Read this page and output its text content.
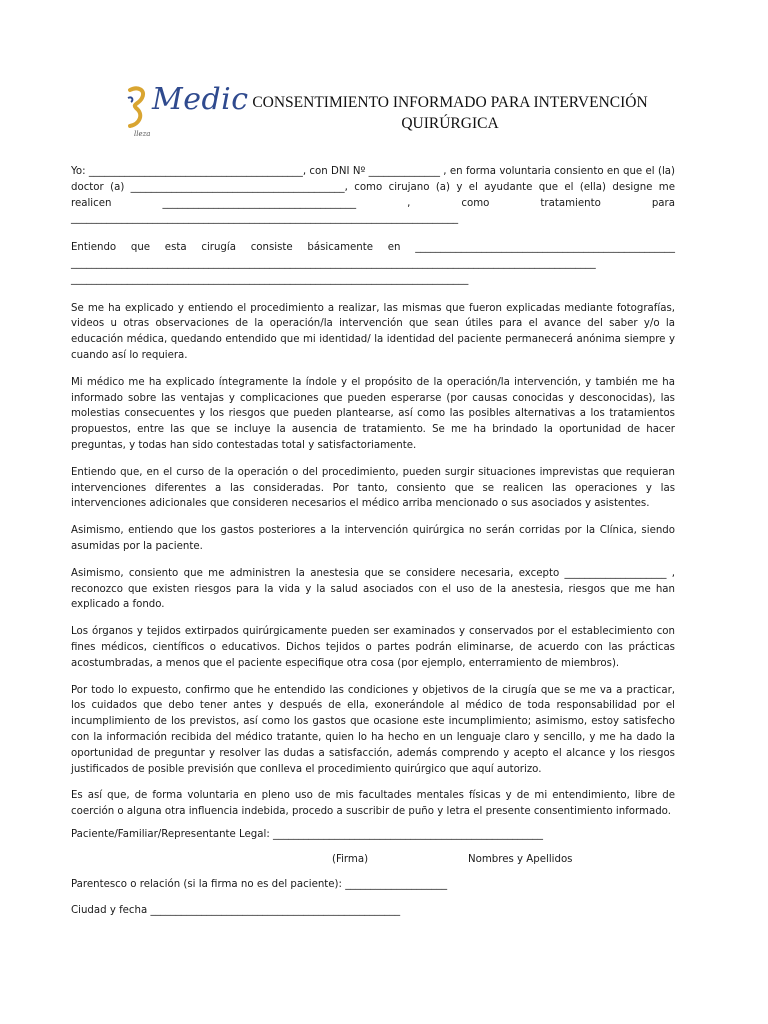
Medic
lleza
CONSENTIMIENTO INFORMADO PARA INTERVENCIÓN QUIRÚRGICA

Yo: __________________________________________, con DNI Nº ______________ , en forma voluntaria consiento en que el (la) doctor (a) __________________________________________, como cirujano (a) y el ayudante que el (ella) designe me realicen ______________________________________ , como tratamiento para ____________________________________________________________________________

Entiendo que esta cirugía consiste básicamente en ___________________________________________________ _______________________________________________________________________________________________________ ______________________________________________________________________________

Se me ha explicado y entiendo el procedimiento a realizar, las mismas que fueron explicadas mediante fotografías, videos u otras observaciones de la operación/la intervención que sean útiles para el avance del saber y/o la educación médica, quedando entendido que mi identidad/ la identidad del paciente permanecerá anónima siempre y cuando así lo requiera.

Mi médico me ha explicado íntegramente la índole y el propósito de la operación/la intervención, y también me ha informado sobre las ventajas y complicaciones que pueden esperarse (por causas conocidas y desconocidas), las molestias consecuentes y los riesgos que pueden plantearse, así como las posibles alternativas a los tratamientos propuestos, entre las que se incluye la ausencia de tratamiento. Se me ha brindado la oportunidad de hacer preguntas, y todas han sido contestadas total y satisfactoriamente.

Entiendo que, en el curso de la operación o del procedimiento, pueden surgir situaciones imprevistas que requieran intervenciones diferentes a las consideradas. Por tanto, consiento que se realicen las operaciones y las intervenciones adicionales que consideren necesarios el médico arriba mencionado o sus asociados y asistentes.

Asimismo, entiendo que los gastos posteriores a la intervención quirúrgica no serán corridas por la Clínica, siendo asumidas por la paciente.

Asimismo, consiento que me administren la anestesia que se considere necesaria, excepto ____________________ , reconozco que existen riesgos para la vida y la salud asociados con el uso de la anestesia, riesgos que me han explicado a fondo.

Los órganos y tejidos extirpados quirúrgicamente pueden ser examinados y conservados por el establecimiento con fines médicos, científicos o educativos. Dichos tejidos o partes podrán eliminarse, de acuerdo con las prácticas acostumbradas, a menos que el paciente especifique otra cosa (por ejemplo, enterramiento de miembros).

Por todo lo expuesto, confirmo que he entendido las condiciones y objetivos de la cirugía que se me va a practicar, los cuidados que debo tener antes y después de ella, exonerándole al médico de toda responsabilidad por el incumplimiento de los previstos, así como los gastos que ocasione este incumplimiento; asimismo, estoy satisfecho con la información recibida del médico tratante, quien lo ha hecho en un lenguaje claro y sencillo, y me ha dado la oportunidad de preguntar y resolver las dudas a satisfacción, además comprendo y acepto el alcance y los riesgos justificados de posible previsión que conlleva el procedimiento quirúrgico que aquí autorizo.

Es así que, de forma voluntaria en pleno uso de mis facultades mentales físicas y de mi entendimiento, libre de coerción o alguna otra influencia indebida, procedo a suscribir de puño y letra el presente consentimiento informado.

Paciente/Familiar/Representante Legal: _____________________________________________________
(Firma)	Nombres y Apellidos
Parentesco o relación (si la firma no es del paciente): ____________________
Ciudad y fecha _________________________________________________
